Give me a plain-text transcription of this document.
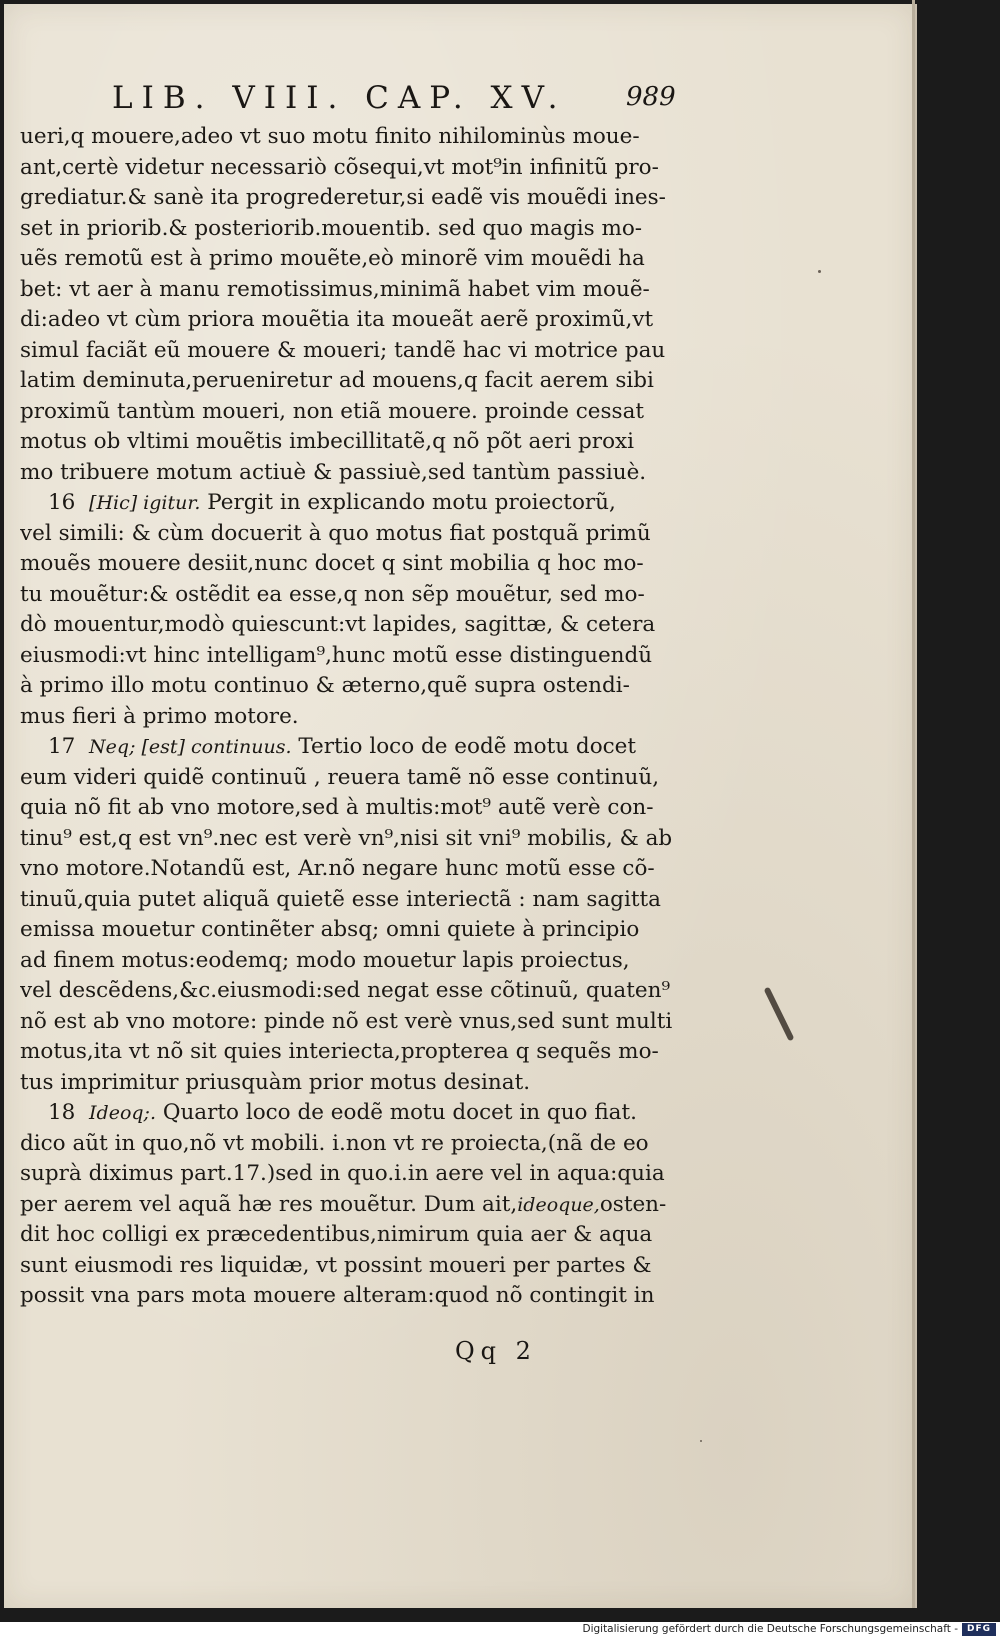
LIB. VIII. CAP. XV.	989
ueri,q mouere,adeo vt suo motu finito nihilominùs moue-
ant,certè videtur necessariò cõsequi,vt mot⁹in infinitũ pro-
grediatur.& sanè ita progrederetur,si eadẽ vis mouẽdi ines-
set in priorib.& posteriorib.mouentib. sed quo magis mo-
uẽs remotũ est à primo mouẽte,eò minorẽ vim mouẽdi ha
bet: vt aer à manu remotissimus,minimã habet vim mouẽ-
di:adeo vt cùm priora mouẽtia ita moueãt aerẽ proximũ,vt
simul faciãt eũ mouere & moueri; tandẽ hac vi motrice pau
latim deminuta,perueniretur ad mouens,q facit aerem sibi
proximũ tantùm moueri, non etiã mouere. proinde cessat
motus ob vltimi mouẽtis imbecillitatẽ,q nõ põt aeri proxi
mo tribuere motum actiuè & passiuè,sed tantùm passiuè.
16 [Hic] igitur. Pergit in explicando motu proiectorũ,
vel simili: & cùm docuerit à quo motus fiat postquã primũ
mouẽs mouere desiit,nunc docet q sint mobilia q hoc mo-
tu mouẽtur:& ostẽdit ea esse,q non sẽp mouẽtur, sed mo-
dò mouentur,modò quiescunt:vt lapides, sagittæ, & cetera
eiusmodi:vt hinc intelligam⁹,hunc motũ esse distinguendũ
à primo illo motu continuo & æterno,quẽ supra ostendi-
mus fieri à primo motore.
17 Neq; [est] continuus. Tertio loco de eodẽ motu docet
eum videri quidẽ continuũ , reuera tamẽ nõ esse continuũ,
quia nõ fit ab vno motore,sed à multis:mot⁹ autẽ verè con-
tinu⁹ est,q est vn⁹.nec est verè vn⁹,nisi sit vni⁹ mobilis, & ab
vno motore.Notandũ est, Ar.nõ negare hunc motũ esse cõ-
tinuũ,quia putet aliquã quietẽ esse interiectã : nam sagitta
emissa mouetur continẽter absq; omni quiete à principio
ad finem motus:eodemq; modo mouetur lapis proiectus,
vel descẽdens,&c.eiusmodi:sed negat esse cõtinuũ, quaten⁹
nõ est ab vno motore: pinde nõ est verè vnus,sed sunt multi
motus,ita vt nõ sit quies interiecta,propterea q sequẽs mo-
tus imprimitur priusquàm prior motus desinat.
18 Ideoq;. Quarto loco de eodẽ motu docet in quo fiat.
dico aũt in quo,nõ vt mobili. i.non vt re proiecta,(nã de eo
suprà diximus part.17.)sed in quo.i.in aere vel in aqua:quia
per aerem vel aquã hæ res mouẽtur. Dum ait,ideoque,osten-
dit hoc colligi ex præcedentibus,nimirum quia aer & aqua
sunt eiusmodi res liquidæ, vt possint moueri per partes &
possit vna pars mota mouere alteram:quod nõ contingit in
Qq 2
Digitalisierung gefördert durch die Deutsche Forschungsgemeinschaft - DFG
